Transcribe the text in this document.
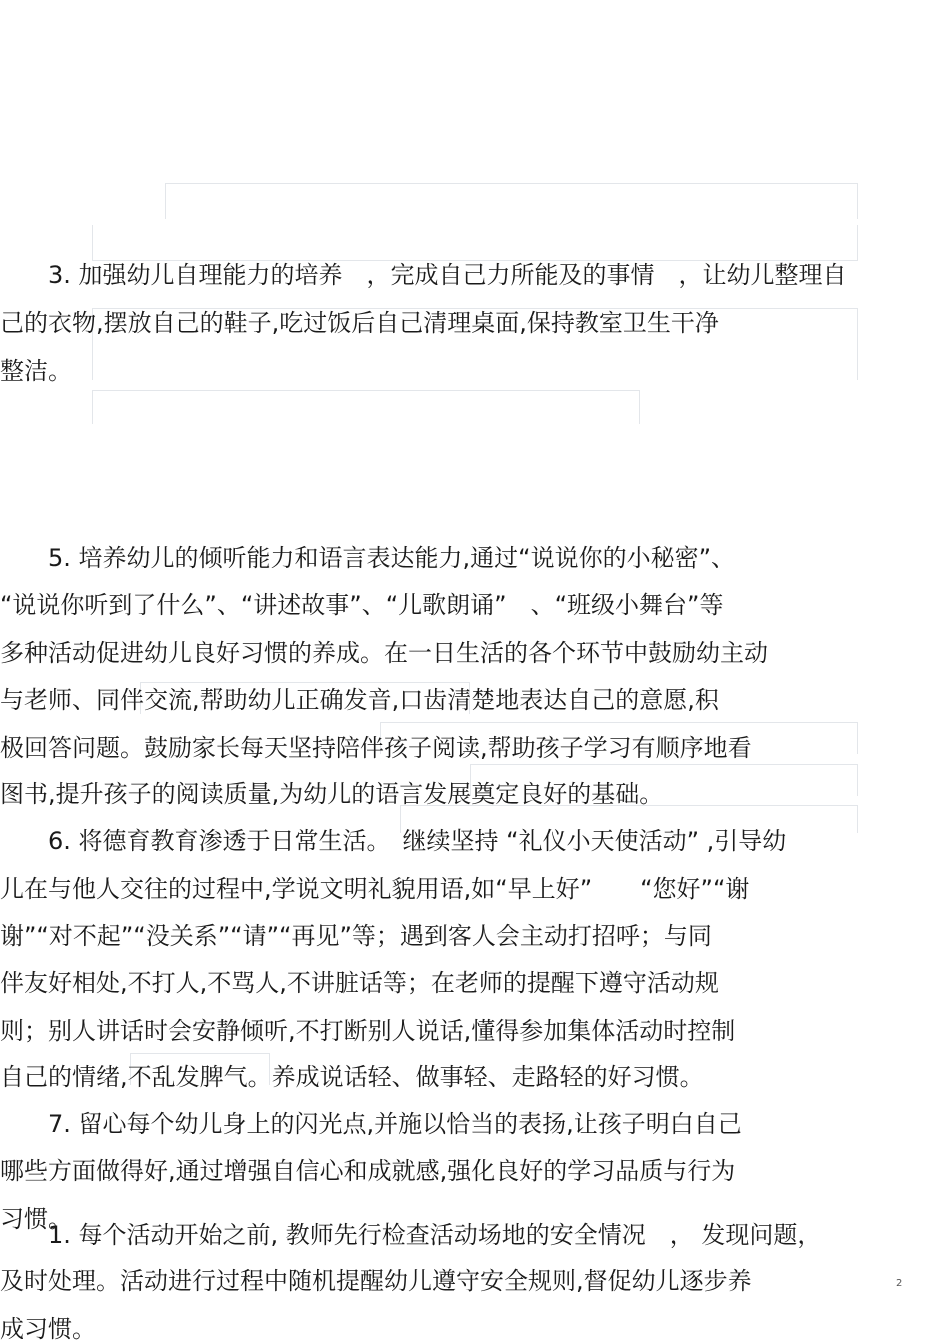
　　3. 加强幼儿自理能力的培养　，完成自己力所能及的事情　，让幼儿整理自
己的衣物,摆放自己的鞋子,吃过饭后自己清理桌面,保持教室卫生干净
整洁。
　　5. 培养幼儿的倾听能力和语言表达能力,通过“说说你的小秘密”、
“说说你听到了什么”、“讲述故事”、“儿歌朗诵”　、“班级小舞台”等
多种活动促进幼儿良好习惯的养成。在一日生活的各个环节中鼓励幼主动
与老师、同伴交流,帮助幼儿正确发音,口齿清楚地表达自己的意愿,积
极回答问题。鼓励家长每天坚持陪伴孩子阅读,帮助孩子学习有顺序地看
图书,提升孩子的阅读质量,为幼儿的语言发展奠定良好的基础。
　　6. 将德育教育渗透于日常生活。　继续坚持 “礼仪小天使活动” ,引导幼
儿在与他人交往的过程中,学说文明礼貌用语,如“早上好”　　“您好”“谢
谢”“对不起”“没关系”“请”“再见”等；遇到客人会主动打招呼；与同
伴友好相处,不打人,不骂人,不讲脏话等；在老师的提醒下遵守活动规
则；别人讲话时会安静倾听,不打断别人说话,懂得参加集体活动时控制
自己的情绪,不乱发脾气。养成说话轻、做事轻、走路轻的好习惯。
　　7. 留心每个幼儿身上的闪光点,并施以恰当的表扬,让孩子明白自己
哪些方面做得好,通过增强自信心和成就感,强化良好的学习品质与行为
习惯。
　1. 每个活动开始之前, 教师先行检查活动场地的安全情况　， 发现问题，
及时处理。活动进行过程中随机提醒幼儿遵守安全规则,督促幼儿逐步养
成习惯。
2
